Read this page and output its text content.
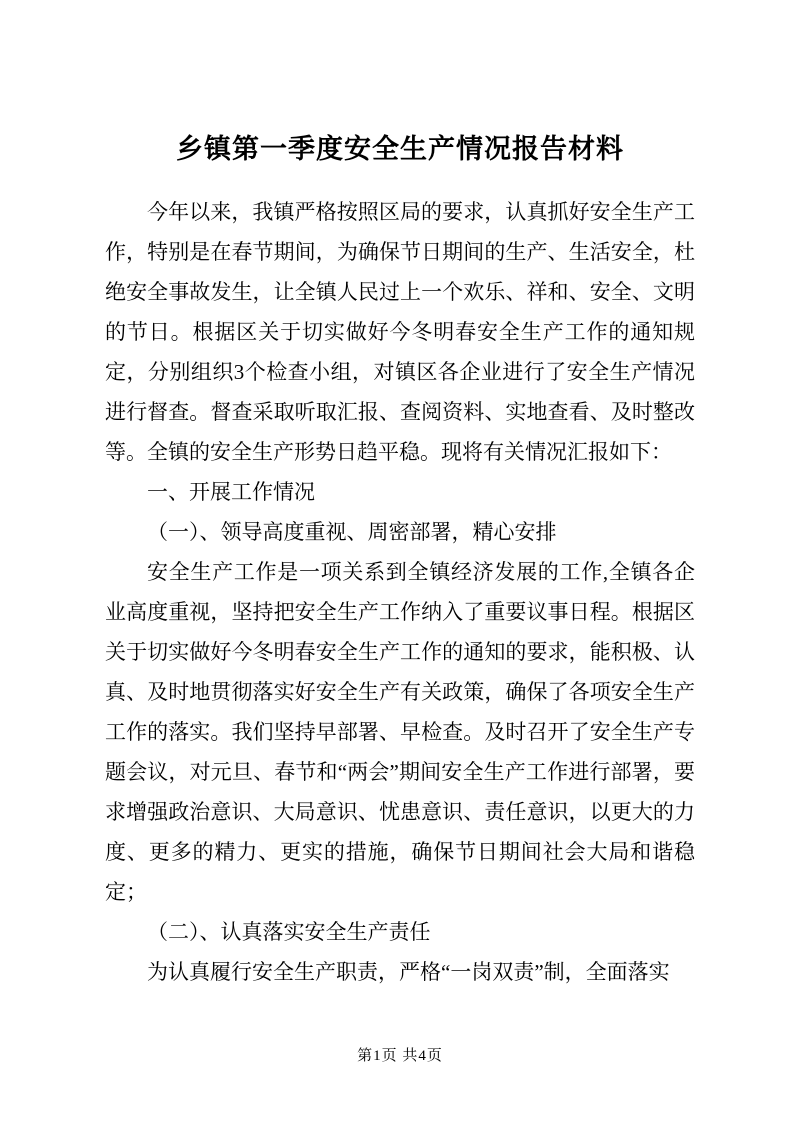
乡镇第一季度安全生产情况报告材料

今年以来，我镇严格按照区局的要求，认真抓好安全生产工作，特别是在春节期间，为确保节日期间的生产、生活安全，杜绝安全事故发生，让全镇人民过上一个欢乐、祥和、安全、文明的节日。根据区关于切实做好今冬明春安全生产工作的通知规定，分别组织3个检查小组，对镇区各企业进行了安全生产情况进行督查。督查采取听取汇报、查阅资料、实地查看、及时整改等。全镇的安全生产形势日趋平稳。现将有关情况汇报如下：

一、开展工作情况

（一）、领导高度重视、周密部署，精心安排

安全生产工作是一项关系到全镇经济发展的工作,全镇各企业高度重视，坚持把安全生产工作纳入了重要议事日程。根据区关于切实做好今冬明春安全生产工作的通知的要求，能积极、认真、及时地贯彻落实好安全生产有关政策，确保了各项安全生产工作的落实。我们坚持早部署、早检查。及时召开了安全生产专题会议，对元旦、春节和“两会”期间安全生产工作进行部署，要求增强政治意识、大局意识、忧患意识、责任意识，以更大的力度、更多的精力、更实的措施，确保节日期间社会大局和谐稳定；

（二）、认真落实安全生产责任

为认真履行安全生产职责，严格“一岗双责”制，全面落实

第1页 共4页
